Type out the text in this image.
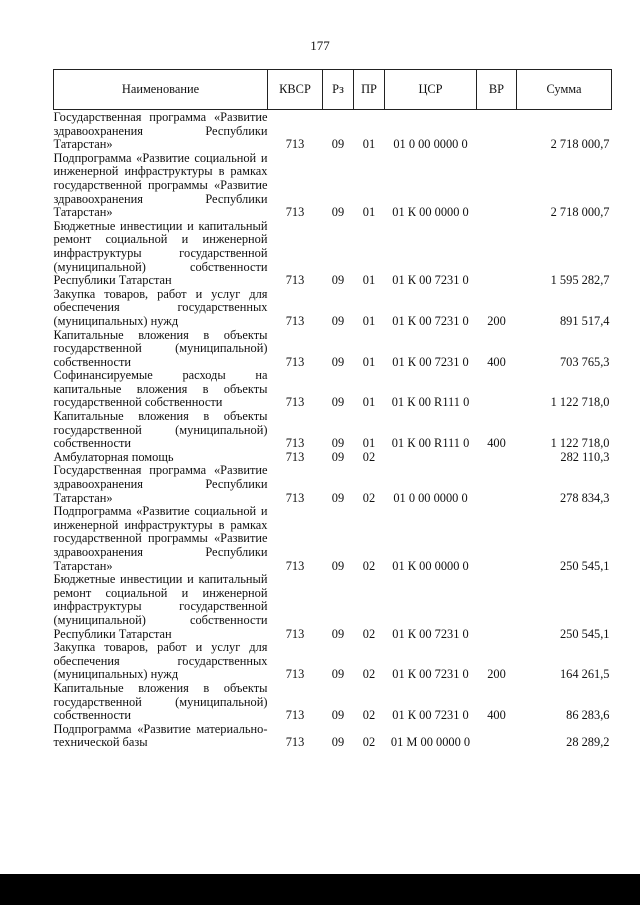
177
Наименование	КВСР	Рз	ПР	ЦСР	ВР	Сумма
Государственная программа «Развитие здравоохранения Республики Татарстан»	713	09	01	01 0 00 0000 0		2 718 000,7
Подпрограмма «Развитие социальной и инженерной инфраструктуры в рамках государственной программы «Развитие здравоохранения Республики Татарстан»	713	09	01	01 К 00 0000 0		2 718 000,7
Бюджетные инвестиции и капитальный ремонт социальной и инженерной инфраструктуры государственной (муниципальной) собственности Республики Татарстан	713	09	01	01 К 00 7231 0		1 595 282,7
Закупка товаров, работ и услуг для обеспечения государственных (муниципальных) нужд	713	09	01	01 К 00 7231 0	200	891 517,4
Капитальные вложения в объекты государственной (муниципальной) собственности	713	09	01	01 К 00 7231 0	400	703 765,3
Софинансируемые расходы на капитальные вложения в объекты государственной собственности	713	09	01	01 К 00 R111 0		1 122 718,0
Капитальные вложения в объекты государственной (муниципальной) собственности	713	09	01	01 К 00 R111 0	400	1 122 718,0
Амбулаторная помощь	713	09	02			282 110,3
Государственная программа «Развитие здравоохранения Республики Татарстан»	713	09	02	01 0 00 0000 0		278 834,3
Подпрограмма «Развитие социальной и инженерной инфраструктуры в рамках государственной программы «Развитие здравоохранения Республики Татарстан»	713	09	02	01 К 00 0000 0		250 545,1
Бюджетные инвестиции и капитальный ремонт социальной и инженерной инфраструктуры государственной (муниципальной) собственности Республики Татарстан	713	09	02	01 К 00 7231 0		250 545,1
Закупка товаров, работ и услуг для обеспечения государственных (муниципальных) нужд	713	09	02	01 К 00 7231 0	200	164 261,5
Капитальные вложения в объекты государственной (муниципальной) собственности	713	09	02	01 К 00 7231 0	400	86 283,6
Подпрограмма «Развитие материально-технической базы	713	09	02	01 М 00 0000 0		28 289,2
